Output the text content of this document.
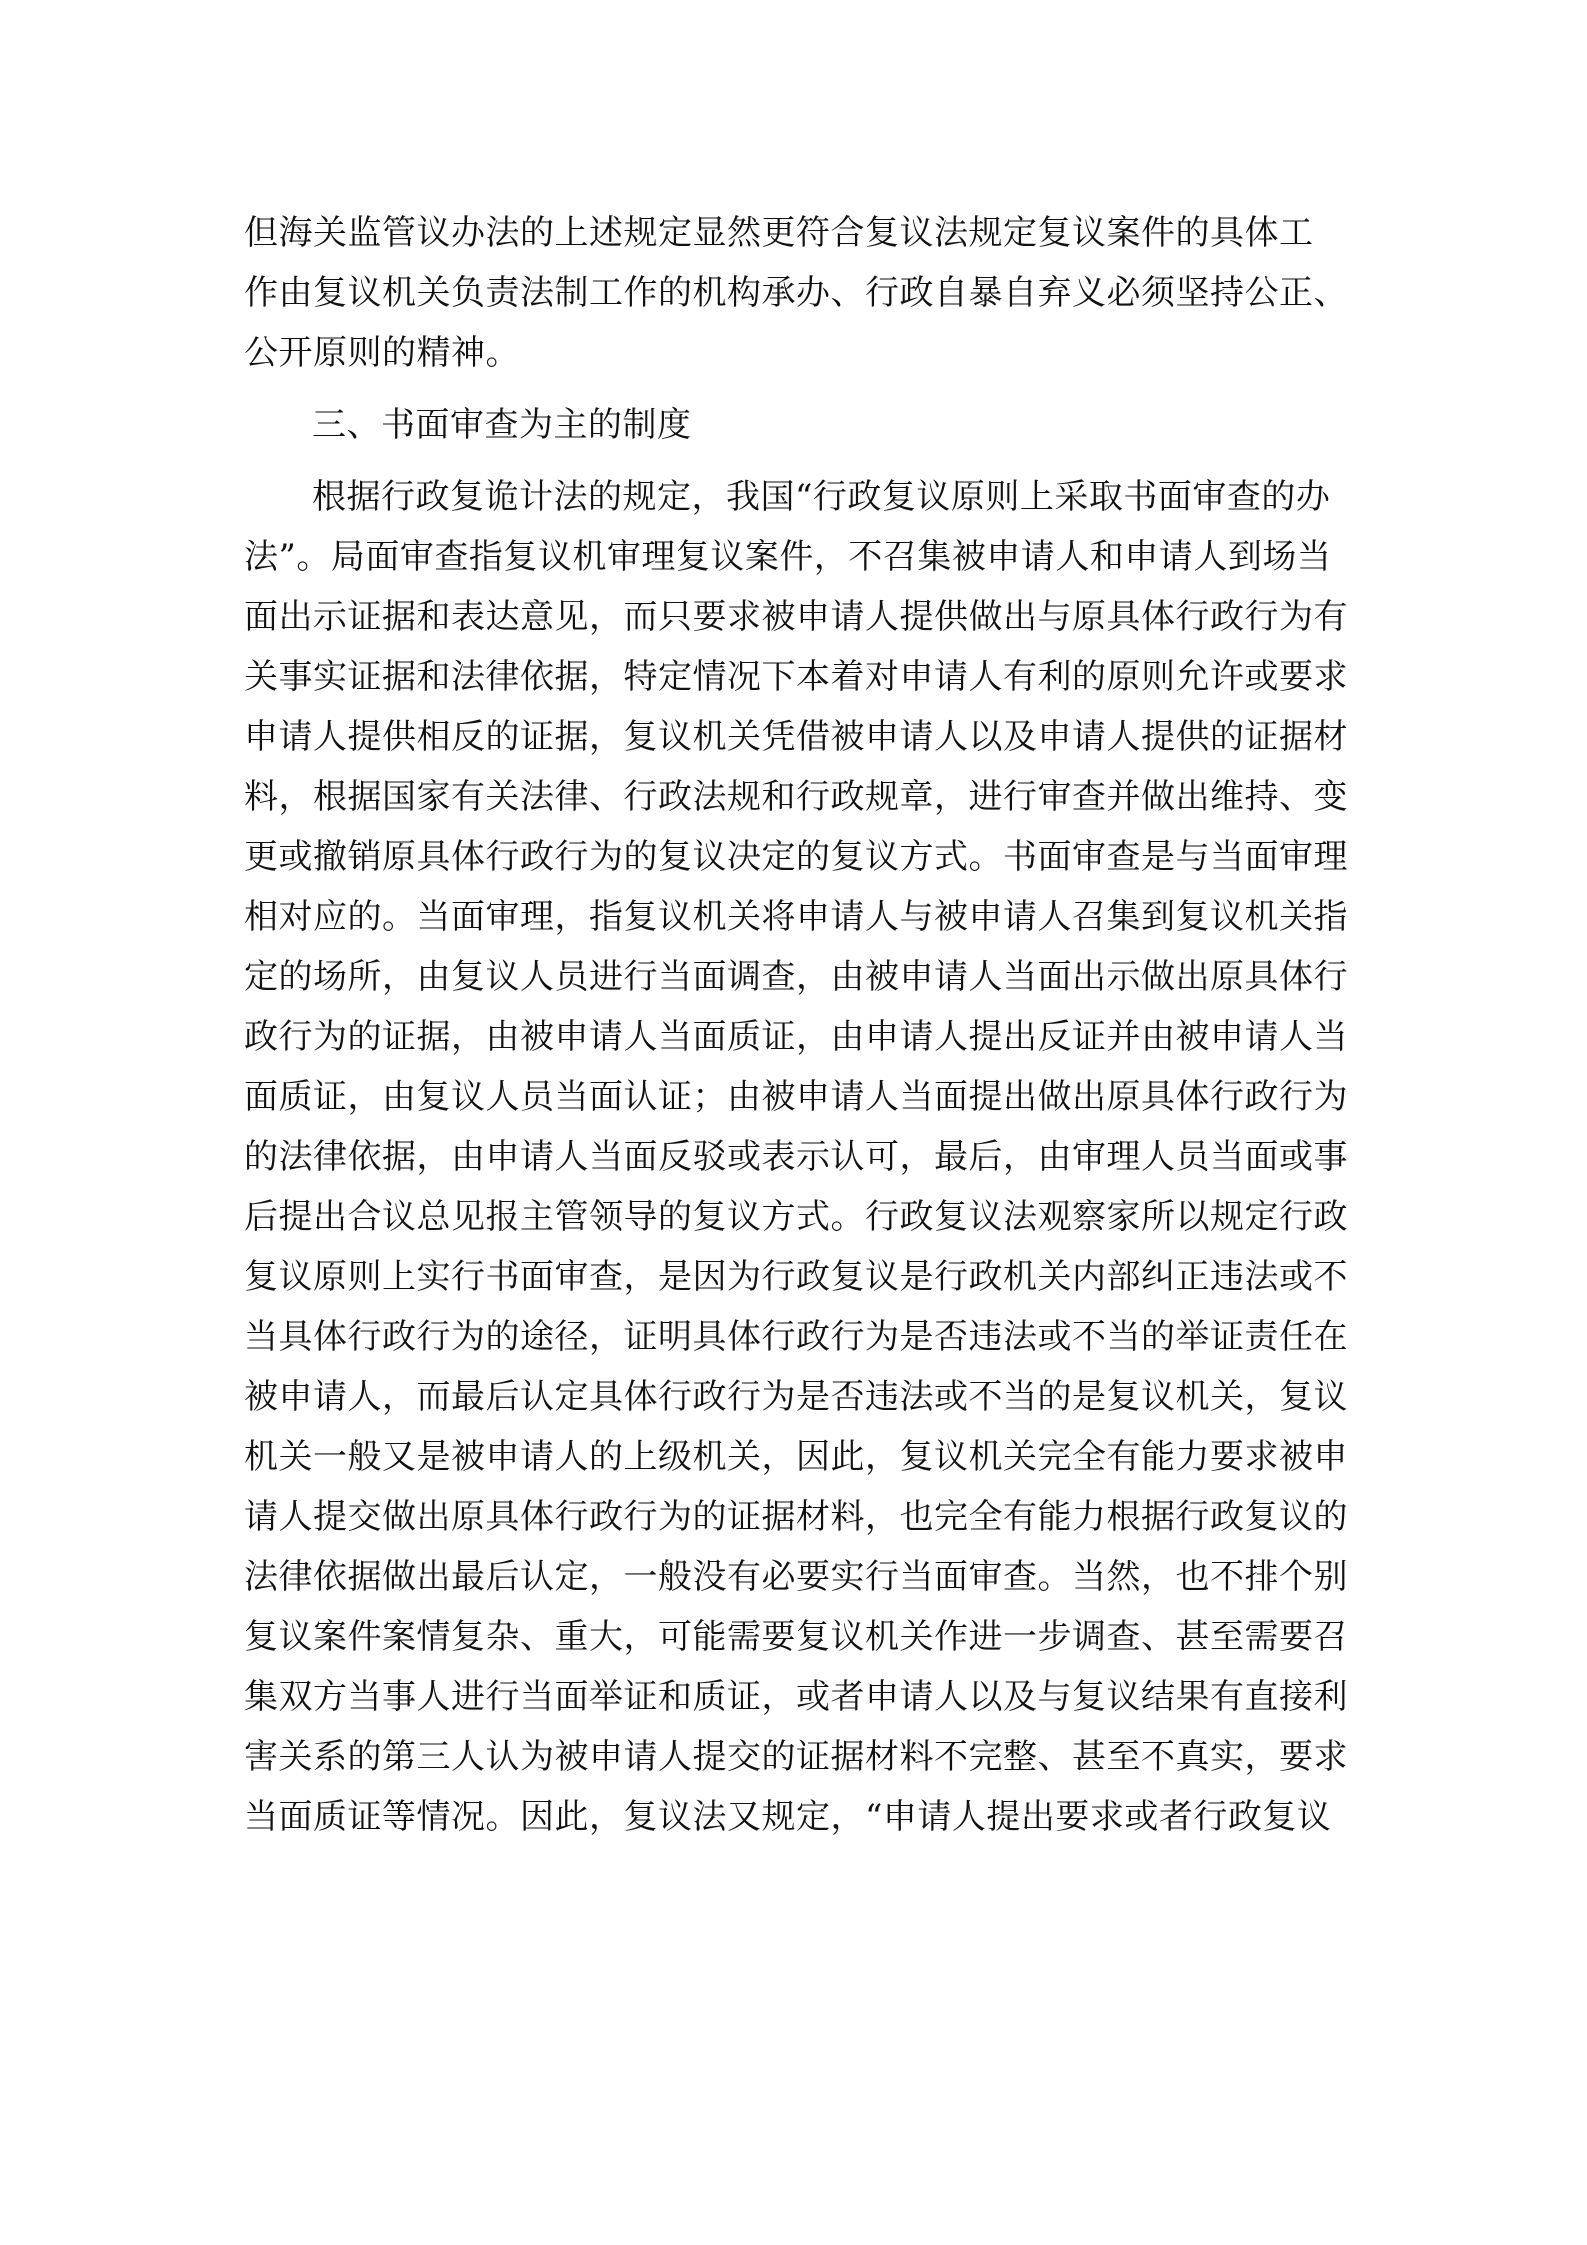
但海关监管议办法的上述规定显然更符合复议法规定复议案件的具体工
作由复议机关负责法制工作的机构承办、行政自暴自弃义必须坚持公正、
公开原则的精神。
三、书面审查为主的制度
根据行政复诡计法的规定，我国“行政复议原则上采取书面审查的办
法”。局面审查指复议机审理复议案件，不召集被申请人和申请人到场当
面出示证据和表达意见，而只要求被申请人提供做出与原具体行政行为有
关事实证据和法律依据，特定情况下本着对申请人有利的原则允许或要求
申请人提供相反的证据，复议机关凭借被申请人以及申请人提供的证据材
料，根据国家有关法律、行政法规和行政规章，进行审查并做出维持、变
更或撤销原具体行政行为的复议决定的复议方式。书面审查是与当面审理
相对应的。当面审理，指复议机关将申请人与被申请人召集到复议机关指
定的场所，由复议人员进行当面调查，由被申请人当面出示做出原具体行
政行为的证据，由被申请人当面质证，由申请人提出反证并由被申请人当
面质证，由复议人员当面认证；由被申请人当面提出做出原具体行政行为
的法律依据，由申请人当面反驳或表示认可，最后，由审理人员当面或事
后提出合议总见报主管领导的复议方式。行政复议法观察家所以规定行政
复议原则上实行书面审查，是因为行政复议是行政机关内部纠正违法或不
当具体行政行为的途径，证明具体行政行为是否违法或不当的举证责任在
被申请人，而最后认定具体行政行为是否违法或不当的是复议机关，复议
机关一般又是被申请人的上级机关，因此，复议机关完全有能力要求被申
请人提交做出原具体行政行为的证据材料，也完全有能力根据行政复议的
法律依据做出最后认定，一般没有必要实行当面审查。当然，也不排个别
复议案件案情复杂、重大，可能需要复议机关作进一步调查、甚至需要召
集双方当事人进行当面举证和质证，或者申请人以及与复议结果有直接利
害关系的第三人认为被申请人提交的证据材料不完整、甚至不真实，要求
当面质证等情况。因此，复议法又规定，“申请人提出要求或者行政复议
